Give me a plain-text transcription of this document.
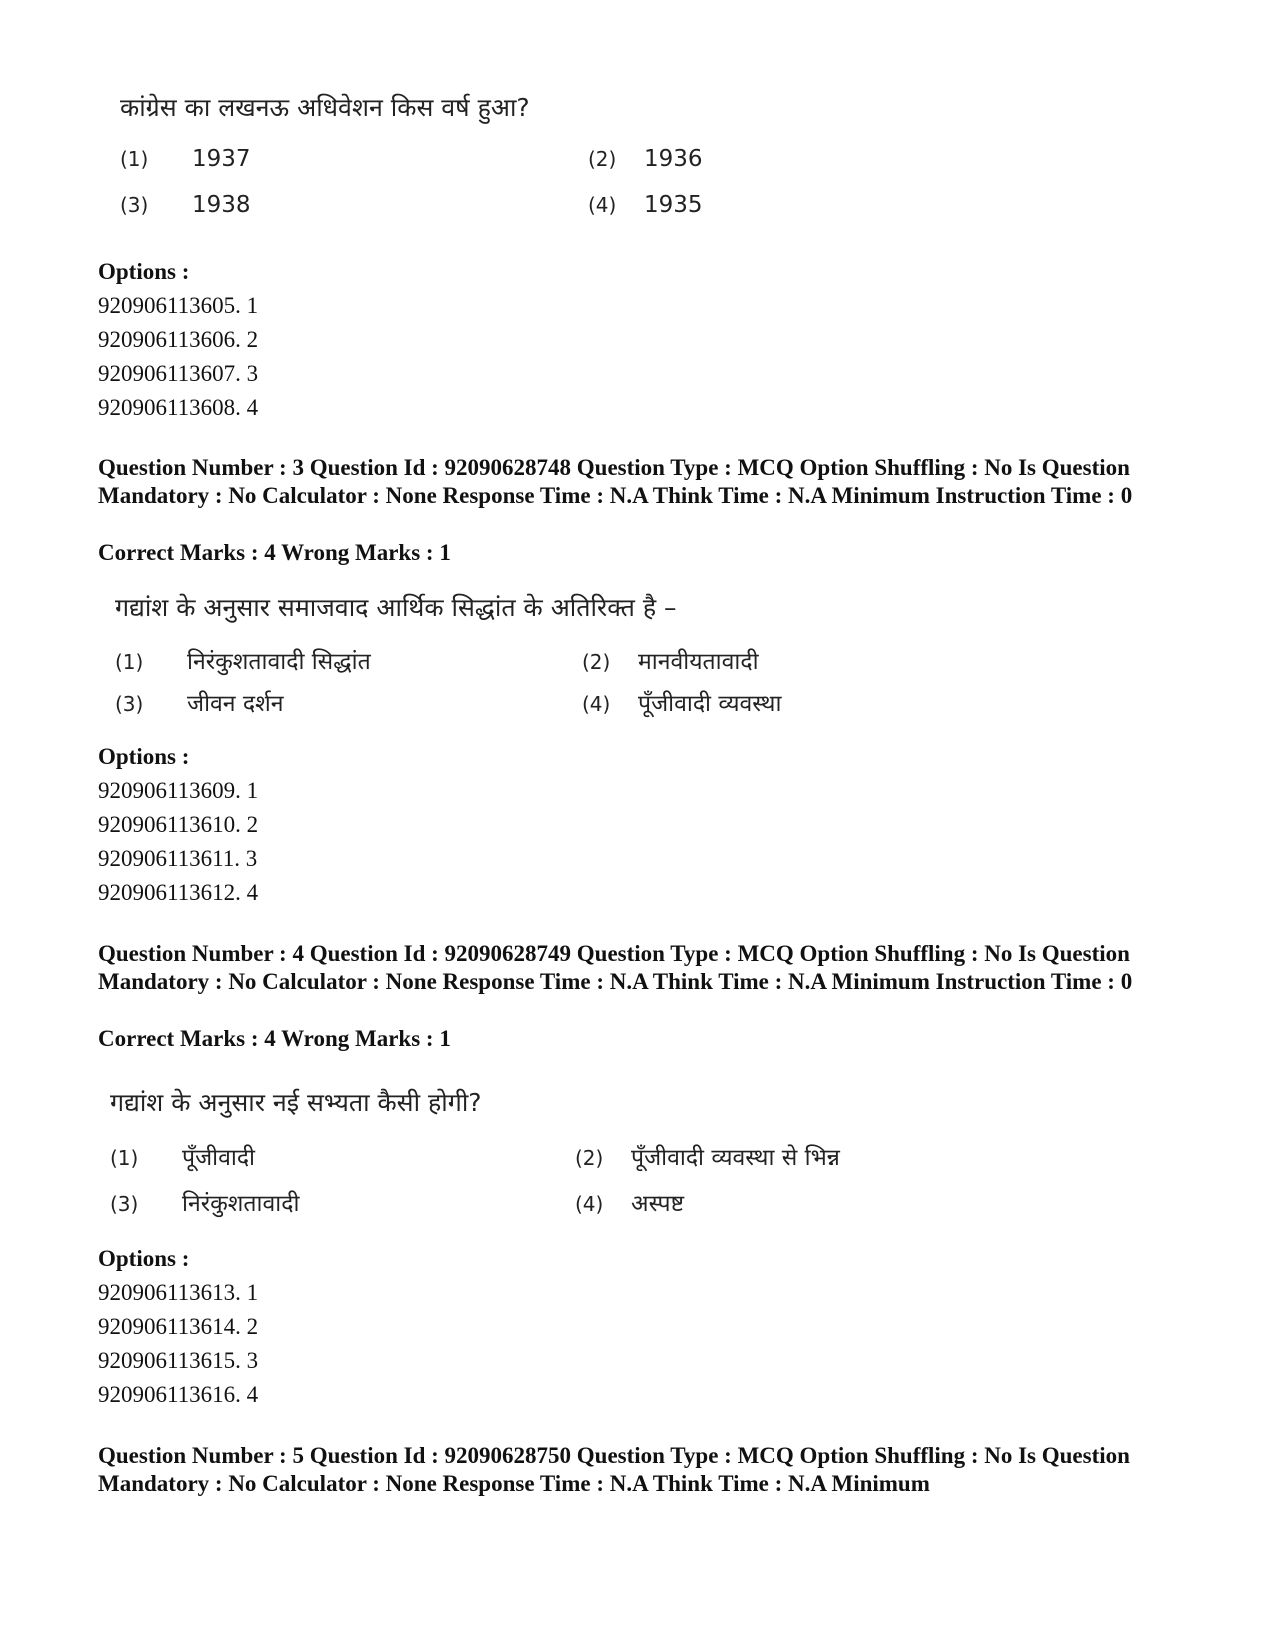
कांग्रेस का लखनऊ अधिवेशन किस वर्ष हुआ?
(1) 1937	(2) 1936
(3) 1938	(4) 1935
Options :
920906113605. 1
920906113606. 2
920906113607. 3
920906113608. 4
Question Number : 3 Question Id : 92090628748 Question Type : MCQ Option Shuffling : No Is Question Mandatory : No Calculator : None Response Time : N.A Think Time : N.A Minimum Instruction Time : 0
Correct Marks : 4 Wrong Marks : 1
गद्यांश के अनुसार समाजवाद आर्थिक सिद्धांत के अतिरिक्त है –
(1) निरंकुशतावादी सिद्धांत	(2) मानवीयतावादी
(3) जीवन दर्शन	(4) पूँजीवादी व्यवस्था
Options :
920906113609. 1
920906113610. 2
920906113611. 3
920906113612. 4
Question Number : 4 Question Id : 92090628749 Question Type : MCQ Option Shuffling : No Is Question Mandatory : No Calculator : None Response Time : N.A Think Time : N.A Minimum Instruction Time : 0
Correct Marks : 4 Wrong Marks : 1
गद्यांश के अनुसार नई सभ्यता कैसी होगी?
(1) पूँजीवादी	(2) पूँजीवादी व्यवस्था से भिन्न
(3) निरंकुशतावादी	(4) अस्पष्ट
Options :
920906113613. 1
920906113614. 2
920906113615. 3
920906113616. 4
Question Number : 5 Question Id : 92090628750 Question Type : MCQ Option Shuffling : No Is Question Mandatory : No Calculator : None Response Time : N.A Think Time : N.A Minimum
